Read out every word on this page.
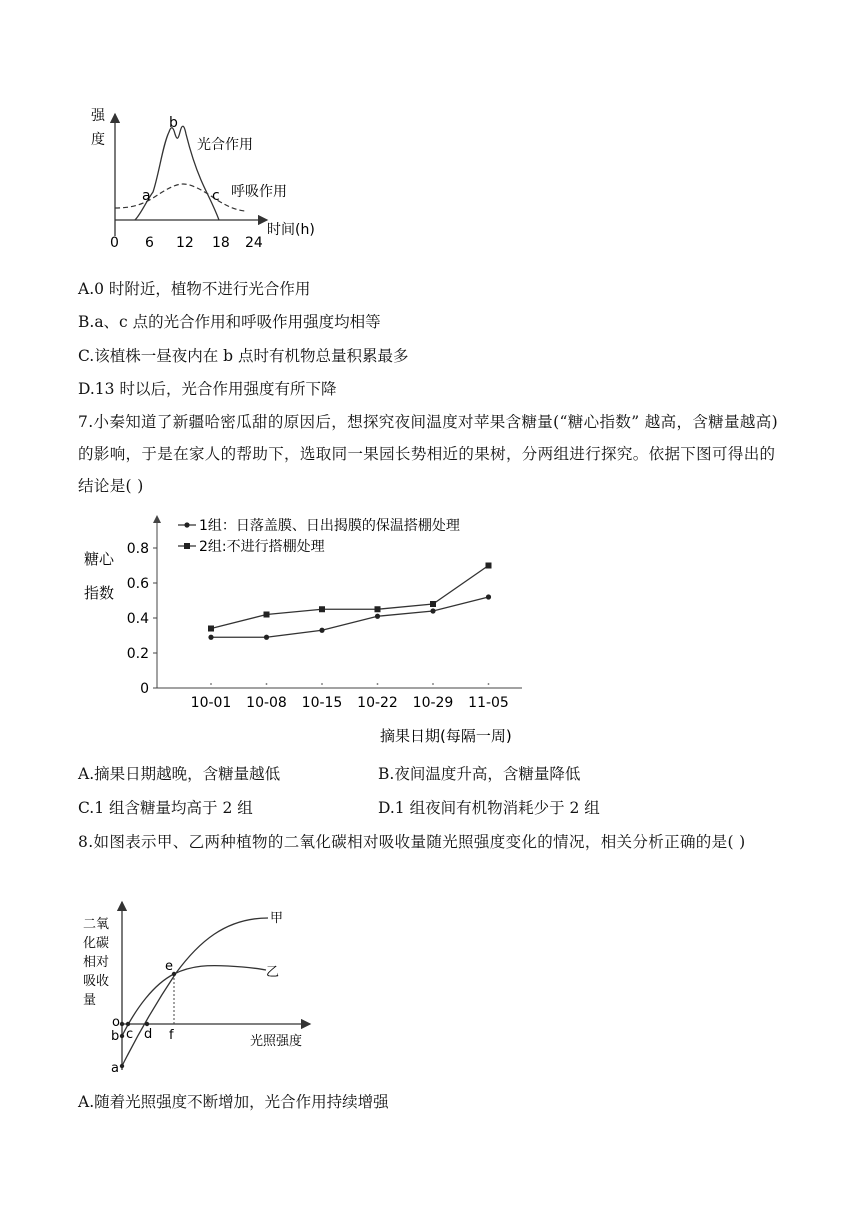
强
度
时间(h)
0 6 12 18 24
a
b
c
光合作用
呼吸作用
A.0 时附近，植物不进行光合作用
B.a、c 点的光合作用和呼吸作用强度均相等
C.该植株一昼夜内在 b 点时有机物总量积累最多
D.13 时以后，光合作用强度有所下降
7.小秦知道了新疆哈密瓜甜的原因后，想探究夜间温度对苹果含糖量(“糖心指数” 越高，含糖量越高)的影响，于是在家人的帮助下，选取同一果园长势相近的果树，分两组进行探究。依据下图可得出的结论是( )
糖心
指数
摘果日期(每隔一周)
1组：日落盖膜、日出揭膜的保温搭棚处理
2组:不进行搭棚处理
0
0.2
0.4
0.6
0.8
10-01 10-08 10-15 10-22 10-29 11-05
A.摘果日期越晚，含糖量越低	B.夜间温度升高，含糖量降低
C.1 组含糖量均高于 2 组	D.1 组夜间有机物消耗少于 2 组
8.如图表示甲、乙两种植物的二氧化碳相对吸收量随光照强度变化的情况，相关分析正确的是( )
二氧
化碳
相对
吸收
量
光照强度
甲
乙
o
b c d f
e
a
A.随着光照强度不断增加，光合作用持续增强
